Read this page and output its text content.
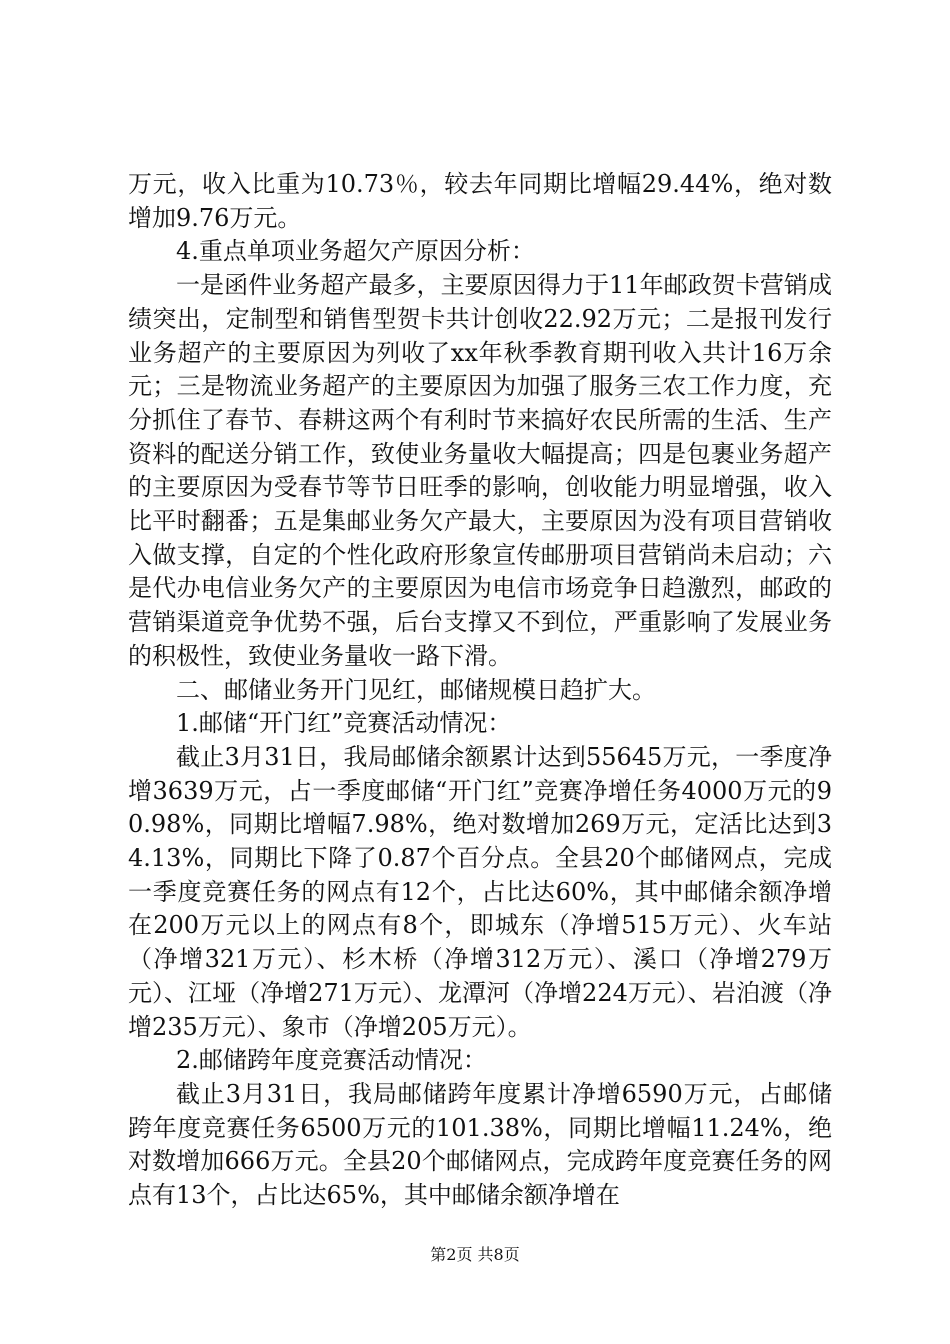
万元，收入比重为10.73％，较去年同期比增幅29.44%，绝对数增加9.76万元。

4.重点单项业务超欠产原因分析：

一是函件业务超产最多，主要原因得力于11年邮政贺卡营销成绩突出，定制型和销售型贺卡共计创收22.92万元；二是报刊发行业务超产的主要原因为列收了xx年秋季教育期刊收入共计16万余元；三是物流业务超产的主要原因为加强了服务三农工作力度，充分抓住了春节、春耕这两个有利时节来搞好农民所需的生活、生产资料的配送分销工作，致使业务量收大幅提高；四是包裹业务超产的主要原因为受春节等节日旺季的影响，创收能力明显增强，收入比平时翻番；五是集邮业务欠产最大，主要原因为没有项目营销收入做支撑，自定的个性化政府形象宣传邮册项目营销尚未启动；六是代办电信业务欠产的主要原因为电信市场竞争日趋激烈，邮政的营销渠道竞争优势不强，后台支撑又不到位，严重影响了发展业务的积极性，致使业务量收一路下滑。

二、邮储业务开门见红，邮储规模日趋扩大。

1.邮储“开门红”竞赛活动情况：

截止3月31日，我局邮储余额累计达到55645万元，一季度净增3639万元，占一季度邮储“开门红”竞赛净增任务4000万元的90.98%，同期比增幅7.98%，绝对数增加269万元，定活比达到34.13%，同期比下降了0.87个百分点。全县20个邮储网点，完成一季度竞赛任务的网点有12个，占比达60%，其中邮储余额净增在200万元以上的网点有8个，即城东（净增515万元）、火车站（净增321万元）、杉木桥（净增312万元）、溪口（净增279万元）、江垭（净增271万元）、龙潭河（净增224万元）、岩泊渡（净增235万元）、象市（净增205万元）。

2.邮储跨年度竞赛活动情况：

截止3月31日，我局邮储跨年度累计净增6590万元，占邮储跨年度竞赛任务6500万元的101.38%，同期比增幅11.24%，绝对数增加666万元。全县20个邮储网点，完成跨年度竞赛任务的网点有13个，占比达65%，其中邮储余额净增在

第2页 共8页
